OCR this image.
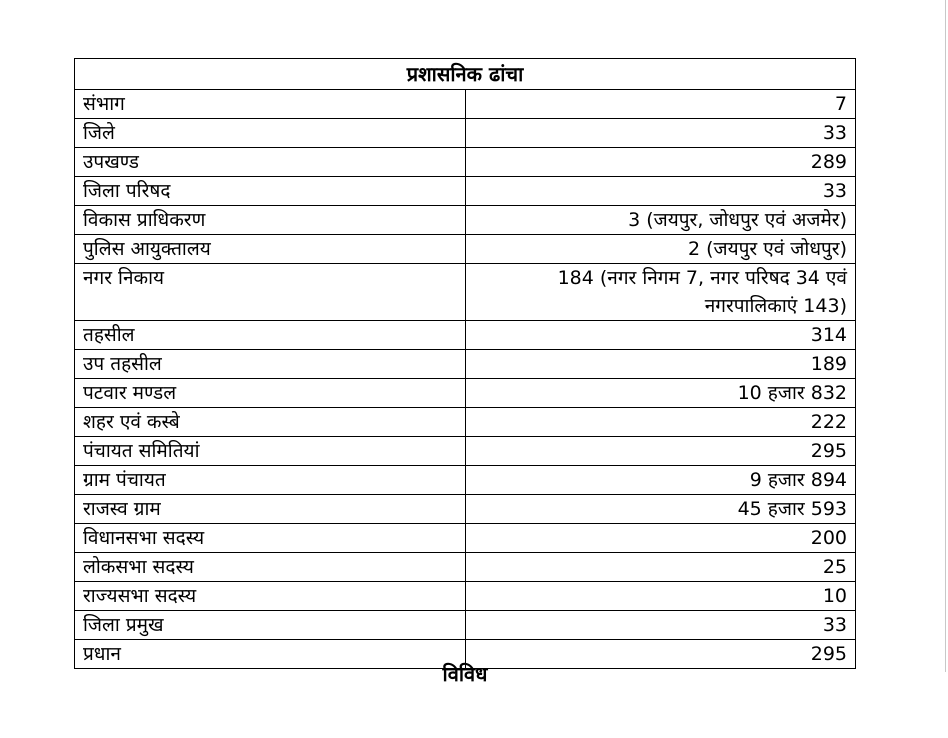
प्रशासनिक ढांचा	
संभाग	7
जिले	33
उपखण्ड	289
जिला परिषद	33
विकास प्राधिकरण	3 (जयपुर, जोधपुर एवं अजमेर)
पुलिस आयुक्तालय	2 (जयपुर एवं जोधपुर)
नगर निकाय	184 (नगर निगम 7, नगर परिषद 34 एवं नगरपालिकाएं 143)
तहसील	314
उप तहसील	189
पटवार मण्डल	10 हजार 832
शहर एवं कस्बे	222
पंचायत समितियां	295
ग्राम पंचायत	9 हजार 894
राजस्व ग्राम	45 हजार 593
विधानसभा सदस्य	200
लोकसभा सदस्य	25
राज्यसभा सदस्य	10
जिला प्रमुख	33
प्रधान	295
विविध
